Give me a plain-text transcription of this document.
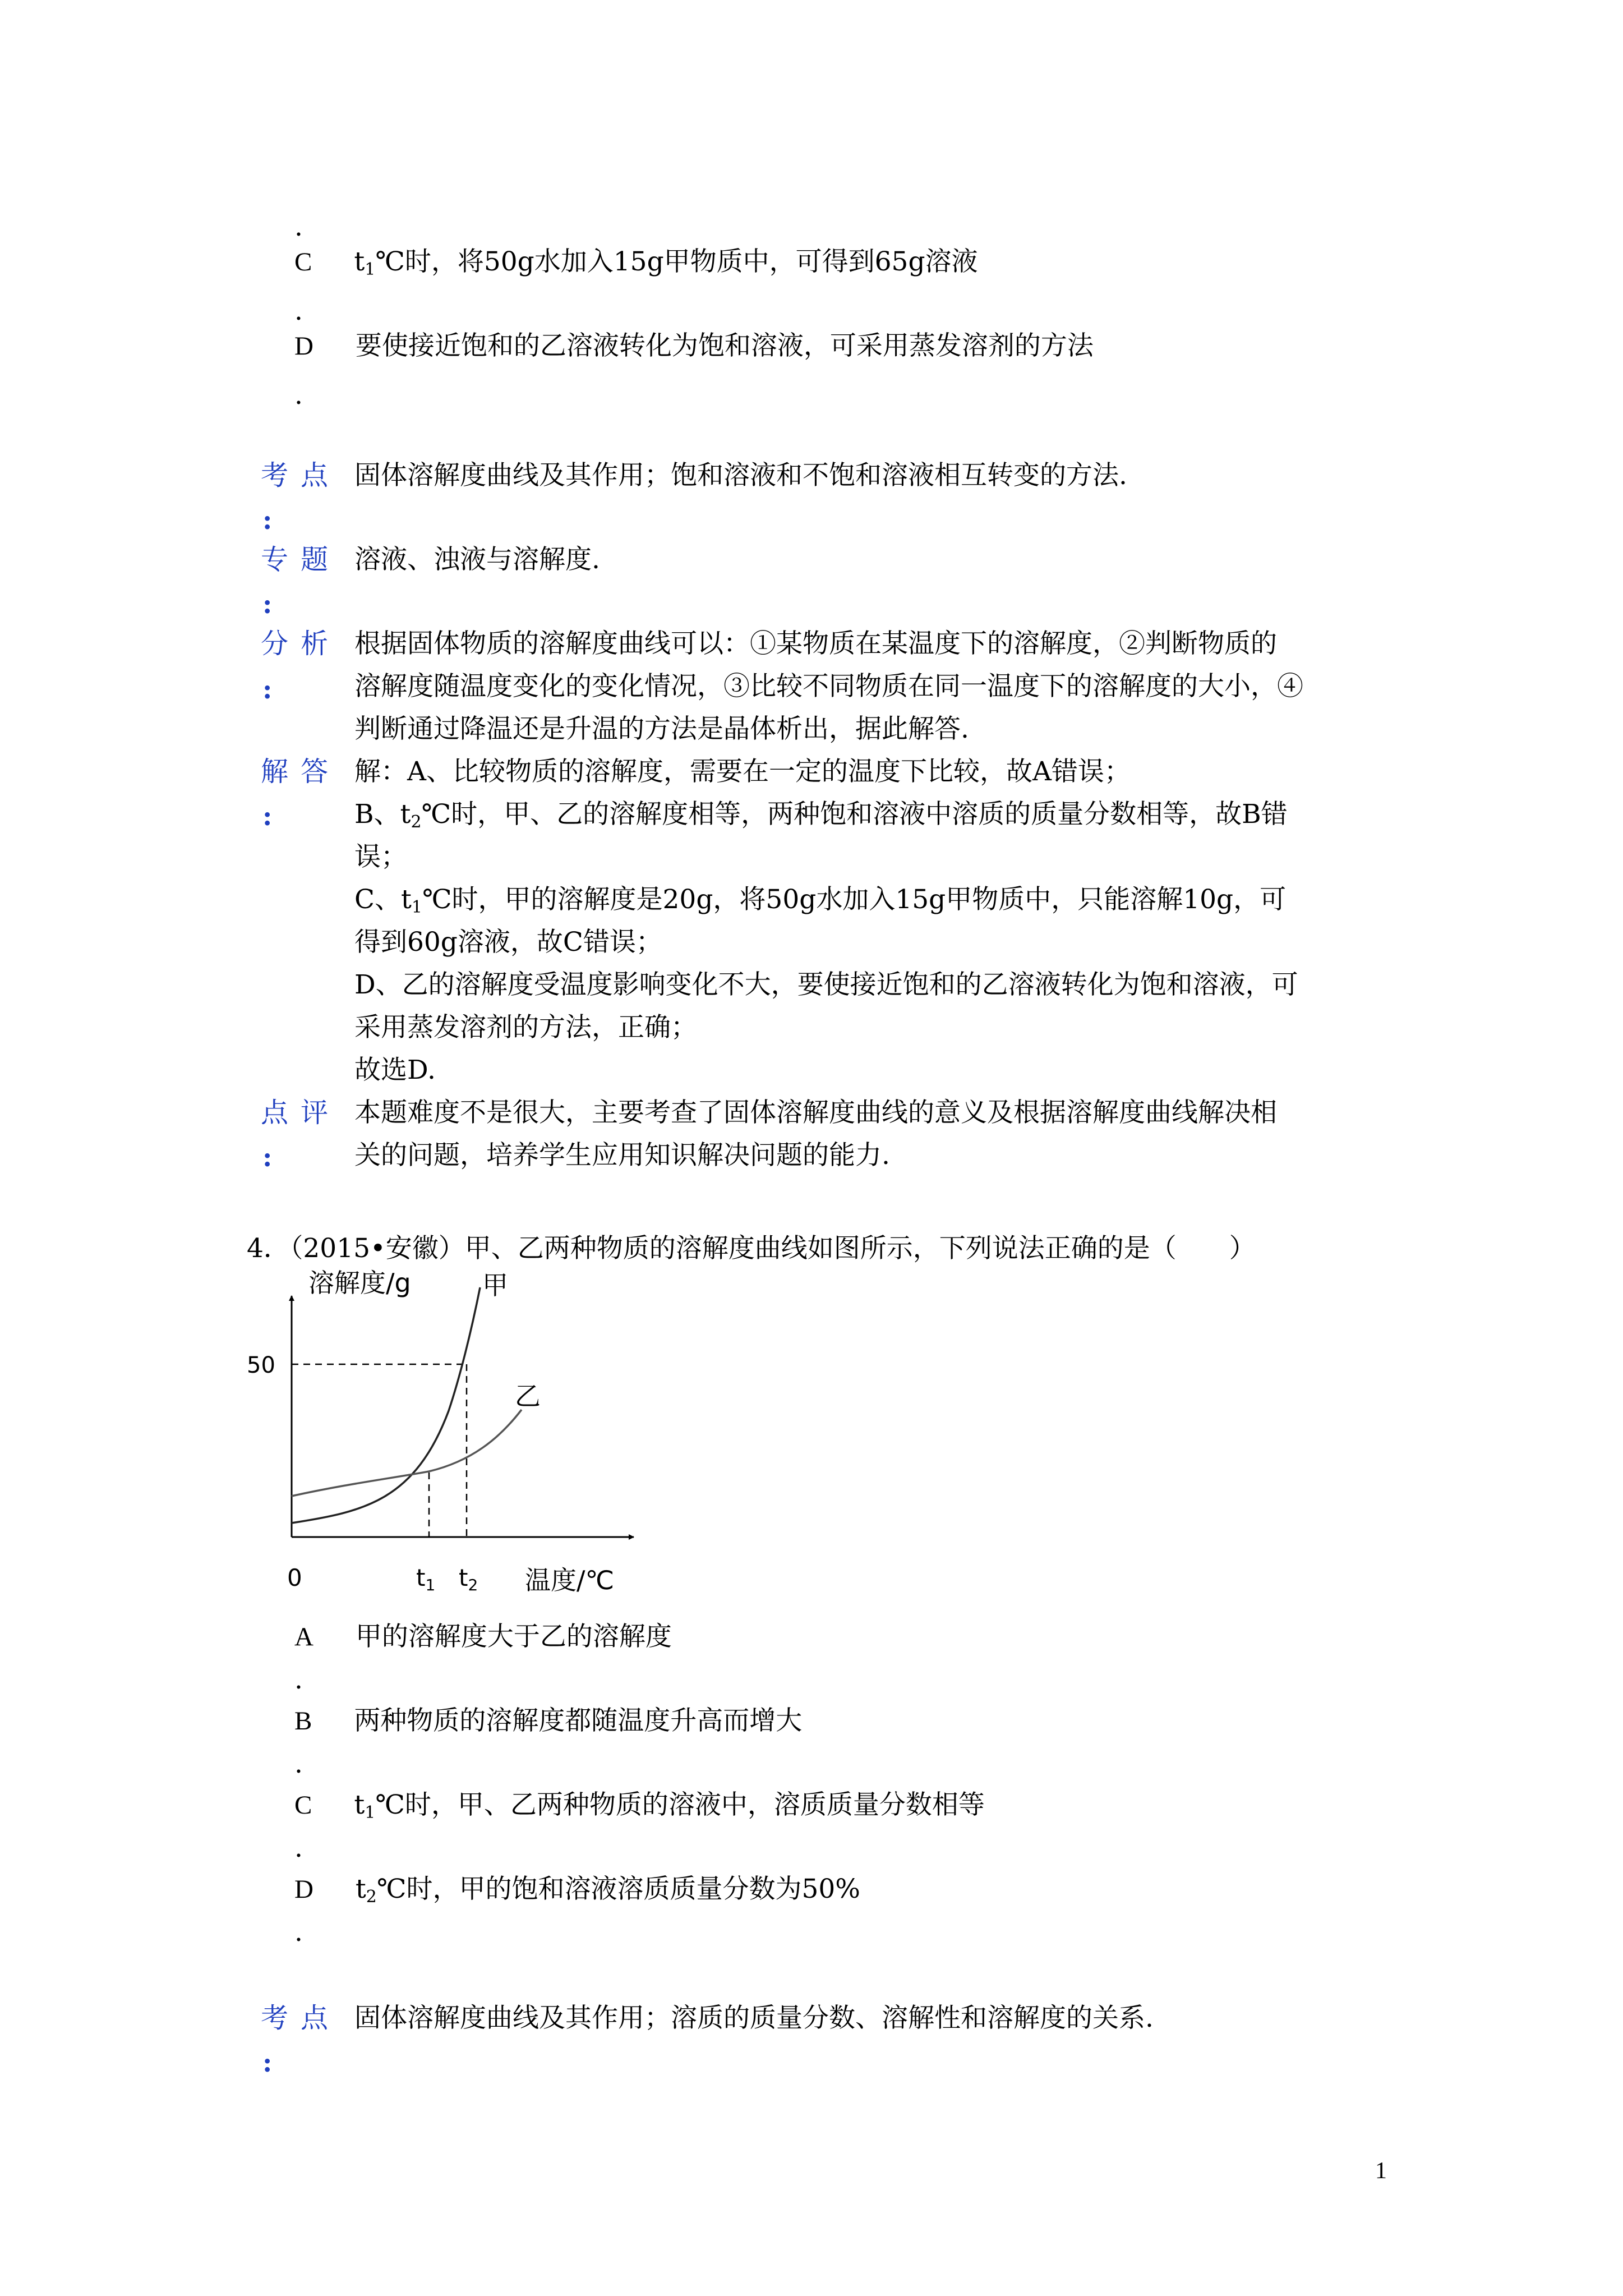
.
C $t_1℃$时，将50g水加入15g甲物质中，可得到65g溶液
.
D 要使接近饱和的乙溶液转化为饱和溶液，可采用蒸发溶剂的方法
.
考点 固体溶解度曲线及其作用；饱和溶液和不饱和溶液相互转变的方法.
:
专题 溶液、浊液与溶解度.
:
分析
:
根据固体物质的溶解度曲线可以：①某物质在某温度下的溶解度，②判断物质的
溶解度随温度变化的变化情况，③比较不同物质在同一温度下的溶解度的大小，④
判断通过降温还是升温的方法是晶体析出，据此解答.
解答
:
解：A、比较物质的溶解度，需要在一定的温度下比较，故A错误；
B、$t_2℃$时，甲、乙的溶解度相等，两种饱和溶液中溶质的质量分数相等，故B错
误；
C、$t_1℃$时，甲的溶解度是20g，将50g水加入15g甲物质中，只能溶解10g，可
得到60g溶液，故C错误；
D、乙的溶解度受温度影响变化不大，要使接近饱和的乙溶液转化为饱和溶液，可
采用蒸发溶剂的方法，正确；
故选D.
点评
:
本题难度不是很大，主要考查了固体溶解度曲线的意义及根据溶解度曲线解决相
关的问题，培养学生应用知识解决问题的能力.
4．（2015•安徽）甲、乙两种物质的溶解度曲线如图所示，下列说法正确的是（　　）
溶解度/g
50
甲
乙
0	t1 t2 温度/℃
A 甲的溶解度大于乙的溶解度
.
B 两种物质的溶解度都随温度升高而增大
.
C $t_1℃$时，甲、乙两种物质的溶液中，溶质质量分数相等
.
D $t_2℃$时，甲的饱和溶液溶质质量分数为50%
.
考点 固体溶解度曲线及其作用；溶质的质量分数、溶解性和溶解度的关系.
:
1
